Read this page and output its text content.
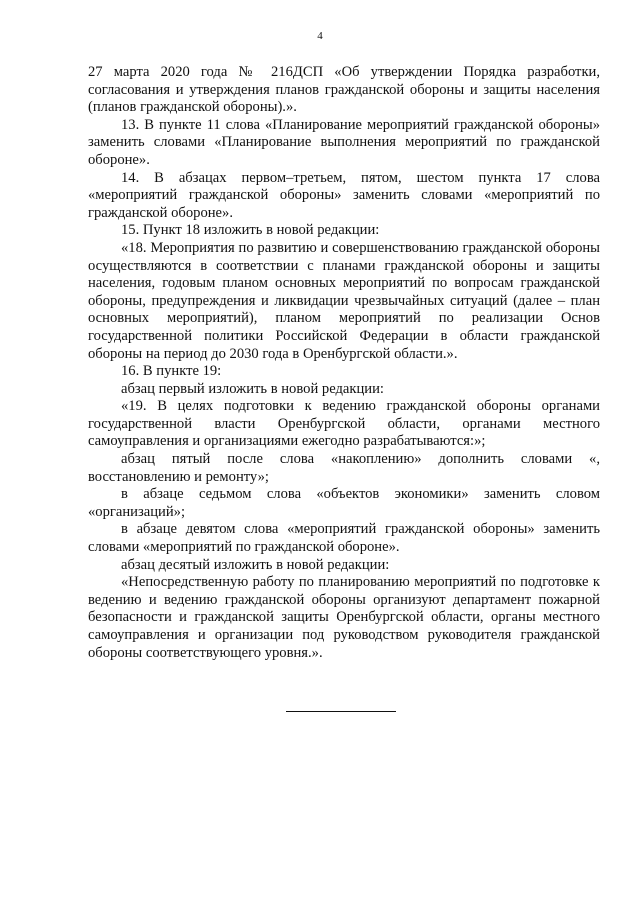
4

27 марта 2020 года № 216ДСП «Об утверждении Порядка разработки, согласования и утверждения планов гражданской обороны и защиты населения (планов гражданской обороны).».

13. В пункте 11 слова «Планирование мероприятий гражданской обороны» заменить словами «Планирование выполнения мероприятий по гражданской обороне».

14. В абзацах первом–третьем, пятом, шестом пункта 17 слова «мероприятий гражданской обороны» заменить словами «мероприятий по гражданской обороне».

15. Пункт 18 изложить в новой редакции:

«18. Мероприятия по развитию и совершенствованию гражданской обороны осуществляются в соответствии с планами гражданской обороны и защиты населения, годовым планом основных мероприятий по вопросам гражданской обороны, предупреждения и ликвидации чрезвычайных ситуаций (далее – план основных мероприятий), планом мероприятий по реализации Основ государственной политики Российской Федерации в области гражданской обороны на период до 2030 года в Оренбургской области.».

16. В пункте 19:

абзац первый изложить в новой редакции:

«19. В целях подготовки к ведению гражданской обороны органами государственной власти Оренбургской области, органами местного самоуправления и организациями ежегодно разрабатываются:»;

абзац пятый после слова «накоплению» дополнить словами «, восстановлению и ремонту»;

в абзаце седьмом слова «объектов экономики» заменить словом «организаций»;

в абзаце девятом слова «мероприятий гражданской обороны» заменить словами «мероприятий по гражданской обороне».

абзац десятый изложить в новой редакции:

«Непосредственную работу по планированию мероприятий по подготовке к ведению и ведению гражданской обороны организуют департамент пожарной безопасности и гражданской защиты Оренбургской области, органы местного самоуправления и организации под руководством руководителя гражданской обороны соответствующего уровня.».
